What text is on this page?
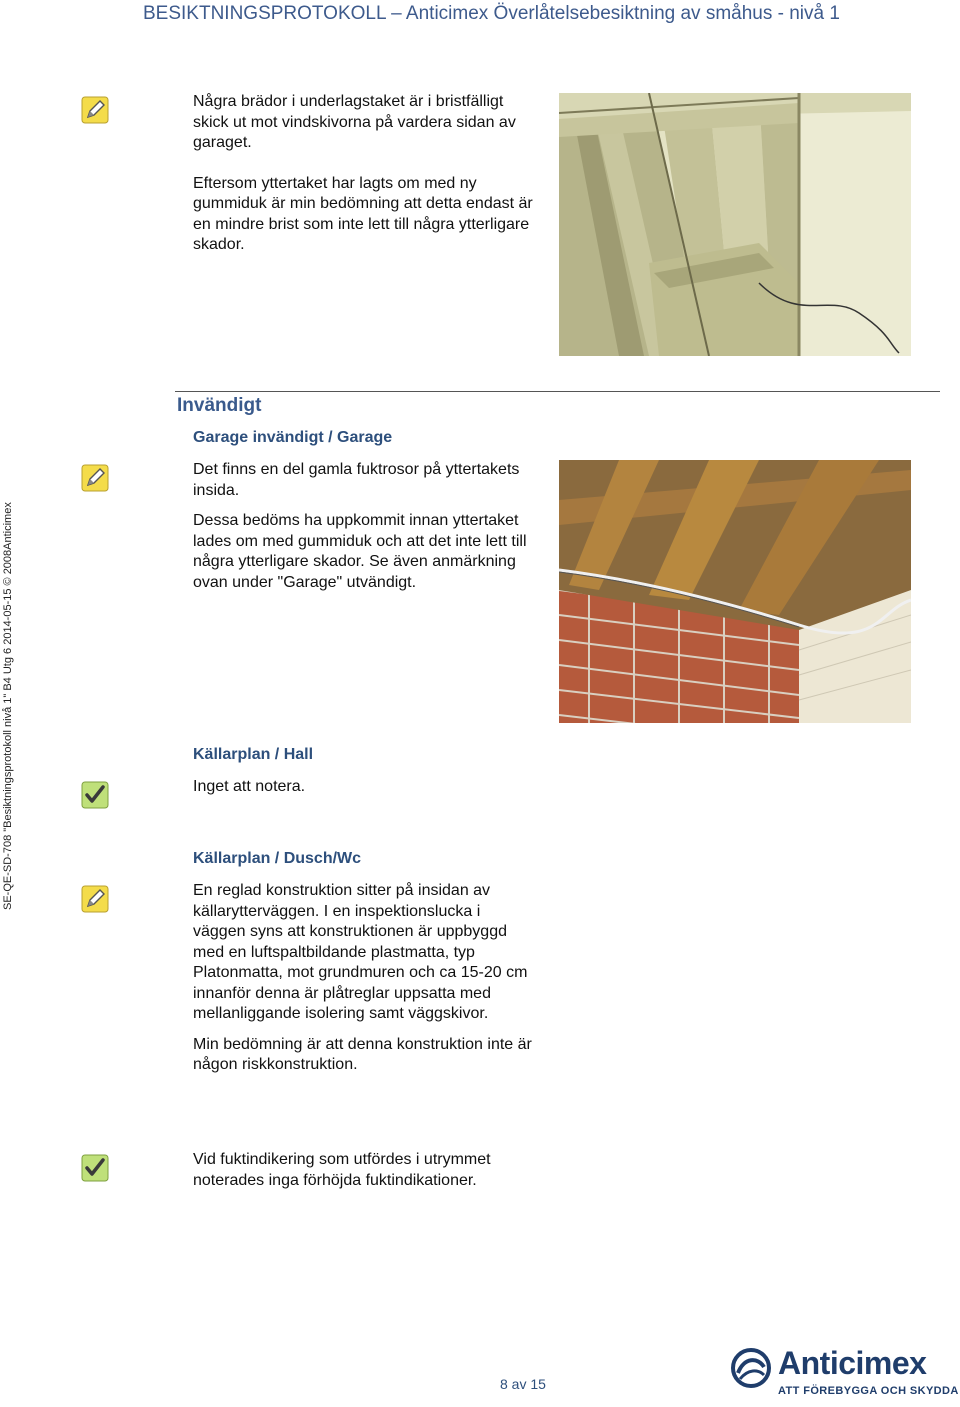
BESIKTNINGSPROTOKOLL – Anticimex Överlåtelsebesiktning av småhus - nivå 1
SE-QE-SD-708 "Besiktningsprotokoll nivå 1" B4 Utg 6 2014-05-15 © 2008Anticimex

Några brädor i underlagstaket är i bristfälligt skick ut mot vindskivorna på vardera sidan av garaget.

Eftersom yttertaket har lagts om med ny gummiduk är min bedömning att detta endast är en mindre brist som inte lett till några ytterligare skador.

Invändigt
Garage invändigt / Garage

Det finns en del gamla fuktrosor på yttertakets insida.

Dessa bedöms ha uppkommit innan yttertaket lades om med gummiduk och att det inte lett till några ytterligare skador. Se även anmärkning ovan under "Garage" utvändigt.

Källarplan / Hall

Inget att notera.

Källarplan / Dusch/Wc

En reglad konstruktion sitter på insidan av källarytterväggen. I en inspektionslucka i väggen syns att konstruktionen är uppbyggd med en luftspaltbildande plastmatta, typ Platonmatta, mot grundmuren och ca 15-20 cm innanför denna är plåtreglar uppsatta med mellanliggande isolering samt väggskivor.

Min bedömning är att denna konstruktion inte är någon riskkonstruktion.

Vid fuktindikering som utfördes i utrymmet noterades inga förhöjda fuktindikationer.

8 av 15
Anticimex
ATT FÖREBYGGA OCH SKYDDA
